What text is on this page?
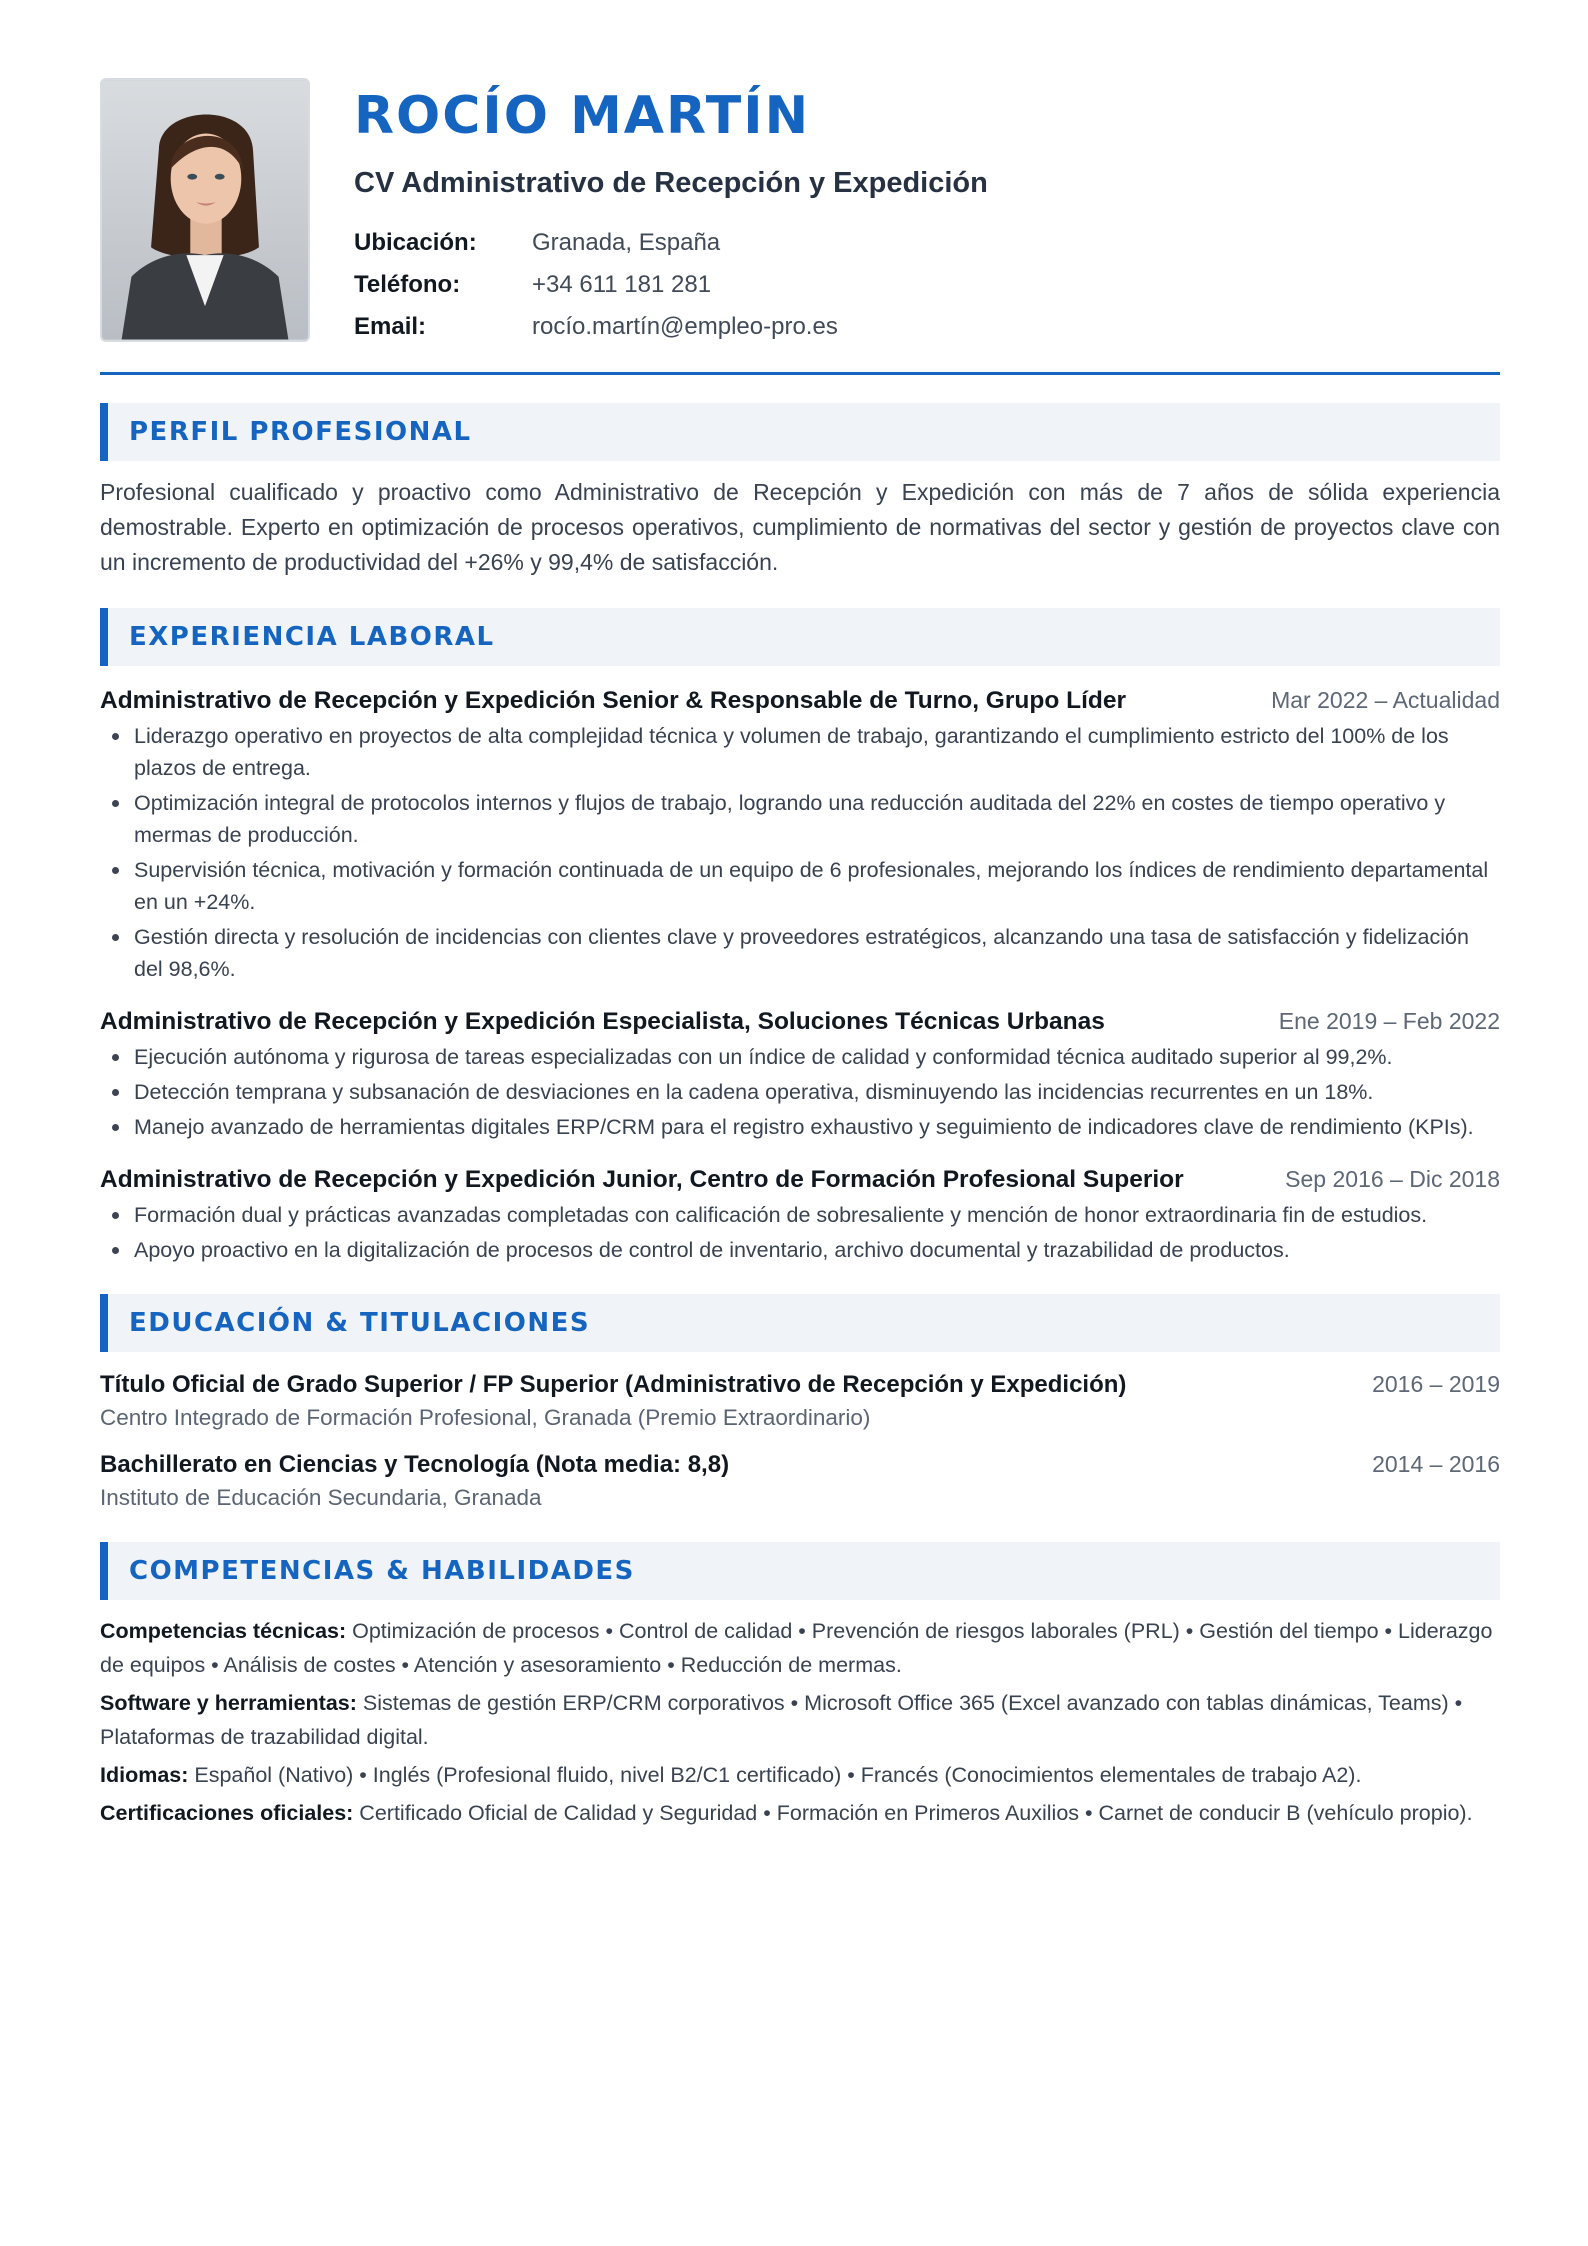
ROCÍO MARTÍN
CV Administrativo de Recepción y Expedición
Ubicación:	Granada, España
Teléfono:	+34 611 181 281
Email:	rocío.martín@empleo-pro.es
PERFIL PROFESIONAL

Profesional cualificado y proactivo como Administrativo de Recepción y Expedición con más de 7 años de sólida experiencia demostrable. Experto en optimización de procesos operativos, cumplimiento de normativas del sector y gestión de proyectos clave con un incremento de productividad del +26% y 99,4% de satisfacción.

EXPERIENCIA LABORAL
Administrativo de Recepción y Expedición Senior & Responsable de Turno, Grupo Líder	Mar 2022 – Actualidad
Liderazgo operativo en proyectos de alta complejidad técnica y volumen de trabajo, garantizando el cumplimiento estricto del 100% de los plazos de entrega.
Optimización integral de protocolos internos y flujos de trabajo, logrando una reducción auditada del 22% en costes de tiempo operativo y mermas de producción.
Supervisión técnica, motivación y formación continuada de un equipo de 6 profesionales, mejorando los índices de rendimiento departamental en un +24%.
Gestión directa y resolución de incidencias con clientes clave y proveedores estratégicos, alcanzando una tasa de satisfacción y fidelización del 98,6%.
Administrativo de Recepción y Expedición Especialista, Soluciones Técnicas Urbanas	Ene 2019 – Feb 2022
Ejecución autónoma y rigurosa de tareas especializadas con un índice de calidad y conformidad técnica auditado superior al 99,2%.
Detección temprana y subsanación de desviaciones en la cadena operativa, disminuyendo las incidencias recurrentes en un 18%.
Manejo avanzado de herramientas digitales ERP/CRM para el registro exhaustivo y seguimiento de indicadores clave de rendimiento (KPIs).
Administrativo de Recepción y Expedición Junior, Centro de Formación Profesional Superior	Sep 2016 – Dic 2018
Formación dual y prácticas avanzadas completadas con calificación de sobresaliente y mención de honor extraordinaria fin de estudios.
Apoyo proactivo en la digitalización de procesos de control de inventario, archivo documental y trazabilidad de productos.
EDUCACIÓN & TITULACIONES
Título Oficial de Grado Superior / FP Superior (Administrativo de Recepción y Expedición)	2016 – 2019
Centro Integrado de Formación Profesional, Granada (Premio Extraordinario)
Bachillerato en Ciencias y Tecnología (Nota media: 8,8)	2014 – 2016
Instituto de Educación Secundaria, Granada
COMPETENCIAS & HABILIDADES

Competencias técnicas: Optimización de procesos • Control de calidad • Prevención de riesgos laborales (PRL) • Gestión del tiempo • Liderazgo de equipos • Análisis de costes • Atención y asesoramiento • Reducción de mermas.

Software y herramientas: Sistemas de gestión ERP/CRM corporativos • Microsoft Office 365 (Excel avanzado con tablas dinámicas, Teams) • Plataformas de trazabilidad digital.

Idiomas: Español (Nativo) • Inglés (Profesional fluido, nivel B2/C1 certificado) • Francés (Conocimientos elementales de trabajo A2).

Certificaciones oficiales: Certificado Oficial de Calidad y Seguridad • Formación en Primeros Auxilios • Carnet de conducir B (vehículo propio).
